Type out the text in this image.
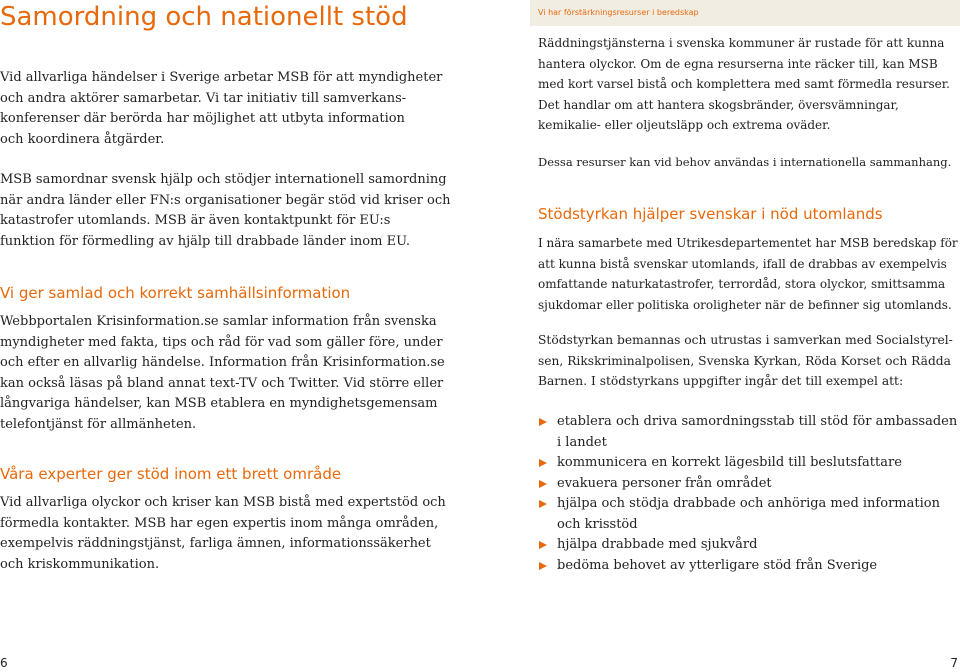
Samordning och nationellt stöd

Vid allvarliga händelser i Sverige arbetar MSB för att myndigheter
och andra aktörer samarbetar. Vi tar initiativ till samverkans-
konferenser där berörda har möjlighet att utbyta information
och koordinera åtgärder.

MSB samordnar svensk hjälp och stödjer internationell samordning
när andra länder eller FN:s organisationer begär stöd vid kriser och
katastrofer utomlands. MSB är även kontaktpunkt för EU:s
funktion för förmedling av hjälp till drabbade länder inom EU.

Vi ger samlad och korrekt samhällsinformation

Webbportalen Krisinformation.se samlar information från svenska
myndigheter med fakta, tips och råd för vad som gäller före, under
och efter en allvarlig händelse. Information från Krisinformation.se
kan också läsas på bland annat text-TV och Twitter. Vid större eller
långvariga händelser, kan MSB etablera en myndighetsgemensam
telefontjänst för allmänheten.

Våra experter ger stöd inom ett brett område

Vid allvarliga olyckor och kriser kan MSB bistå med expertstöd och
förmedla kontakter. MSB har egen expertis inom många områden,
exempelvis räddningstjänst, farliga ämnen, informationssäkerhet
och kriskommunikation.

6
Vi har förstärkningsresurser i beredskap

Räddningstjänsterna i svenska kommuner är rustade för att kunna
hantera olyckor. Om de egna resurserna inte räcker till, kan MSB
med kort varsel bistå och komplettera med samt förmedla resurser.
Det handlar om att hantera skogsbränder, översvämningar,
kemikalie- eller oljeutsläpp och extrema oväder.

Dessa resurser kan vid behov användas i internationella sammanhang.

Stödstyrkan hjälper svenskar i nöd utomlands

I nära samarbete med Utrikesdepartementet har MSB beredskap för
att kunna bistå svenskar utomlands, ifall de drabbas av exempelvis
omfattande naturkatastrofer, terrordåd, stora olyckor, smittsamma
sjukdomar eller politiska oroligheter när de befinner sig utomlands.

Stödstyrkan bemannas och utrustas i samverkan med Socialstyrel-
sen, Rikskriminalpolisen, Svenska Kyrkan, Röda Korset och Rädda
Barnen. I stödstyrkans uppgifter ingår det till exempel att:

etablera och driva samordningsstab till stöd för ambassaden
i landet
kommunicera en korrekt lägesbild till beslutsfattare
evakuera personer från området
hjälpa och stödja drabbade och anhöriga med information
och krisstöd
hjälpa drabbade med sjukvård
bedöma behovet av ytterligare stöd från Sverige
7
